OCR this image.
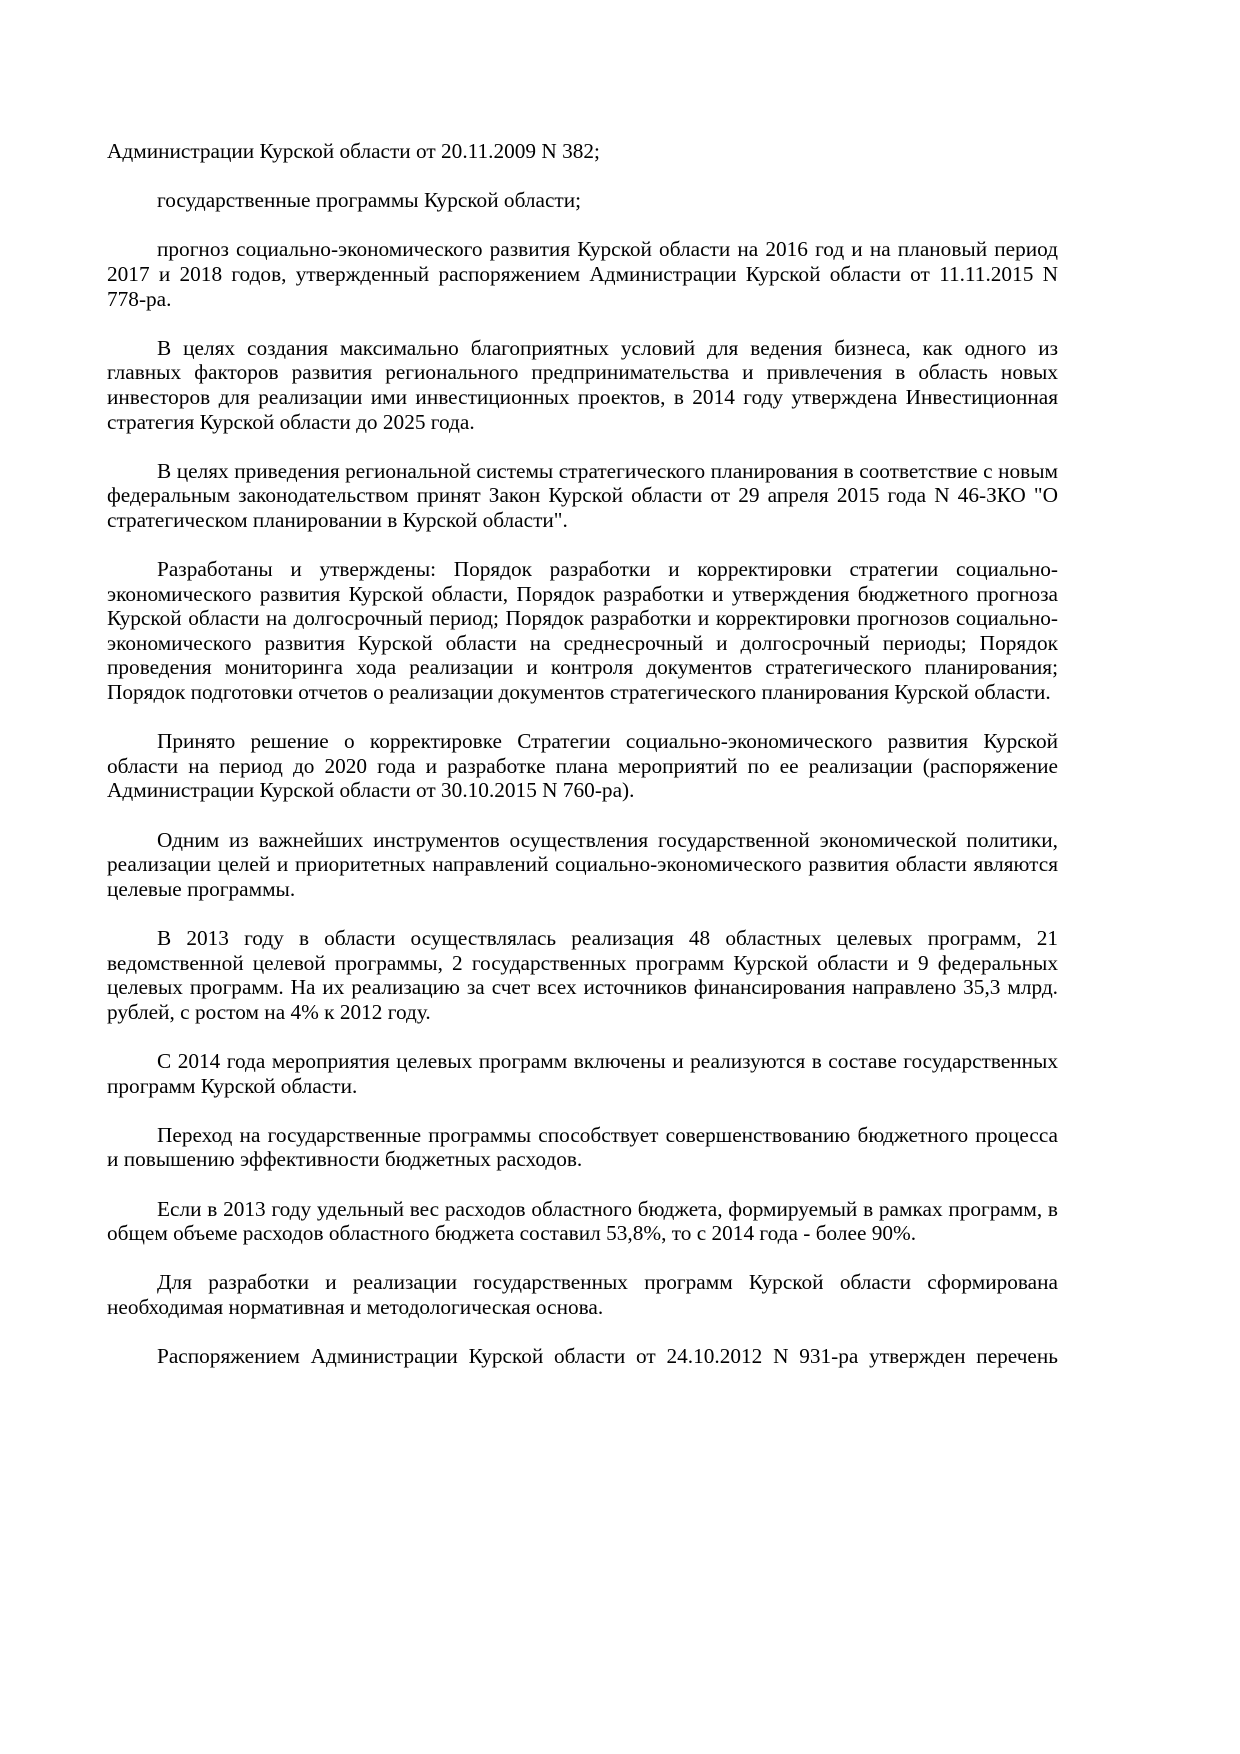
Администрации Курской области от 20.11.2009 N 382;

государственные программы Курской области;

прогноз социально-экономического развития Курской области на 2016 год и на плановый период 2017 и 2018 годов, утвержденный распоряжением Администрации Курской области от 11.11.2015 N 778-ра.

В целях создания максимально благоприятных условий для ведения бизнеса, как одного из главных факторов развития регионального предпринимательства и привлечения в область новых инвесторов для реализации ими инвестиционных проектов, в 2014 году утверждена Инвестиционная стратегия Курской области до 2025 года.

В целях приведения региональной системы стратегического планирования в соответствие с новым федеральным законодательством принят Закон Курской области от 29 апреля 2015 года N 46-ЗКО "О стратегическом планировании в Курской области".

Разработаны и утверждены: Порядок разработки и корректировки стратегии социально-экономического развития Курской области, Порядок разработки и утверждения бюджетного прогноза Курской области на долгосрочный период; Порядок разработки и корректировки прогнозов социально-экономического развития Курской области на среднесрочный и долгосрочный периоды; Порядок проведения мониторинга хода реализации и контроля документов стратегического планирования; Порядок подготовки отчетов о реализации документов стратегического планирования Курской области.

Принято решение о корректировке Стратегии социально-экономического развития Курской области на период до 2020 года и разработке плана мероприятий по ее реализации (распоряжение Администрации Курской области от 30.10.2015 N 760-ра).

Одним из важнейших инструментов осуществления государственной экономической политики, реализации целей и приоритетных направлений социально-экономического развития области являются целевые программы.

В 2013 году в области осуществлялась реализация 48 областных целевых программ, 21 ведомственной целевой программы, 2 государственных программ Курской области и 9 федеральных целевых программ. На их реализацию за счет всех источников финансирования направлено 35,3 млрд. рублей, с ростом на 4% к 2012 году.

С 2014 года мероприятия целевых программ включены и реализуются в составе государственных программ Курской области.

Переход на государственные программы способствует совершенствованию бюджетного процесса и повышению эффективности бюджетных расходов.

Если в 2013 году удельный вес расходов областного бюджета, формируемый в рамках программ, в общем объеме расходов областного бюджета составил 53,8%, то с 2014 года - более 90%.

Для разработки и реализации государственных программ Курской области сформирована необходимая нормативная и методологическая основа.

Распоряжением Администрации Курской области от 24.10.2012 N 931-ра утвержден перечень
